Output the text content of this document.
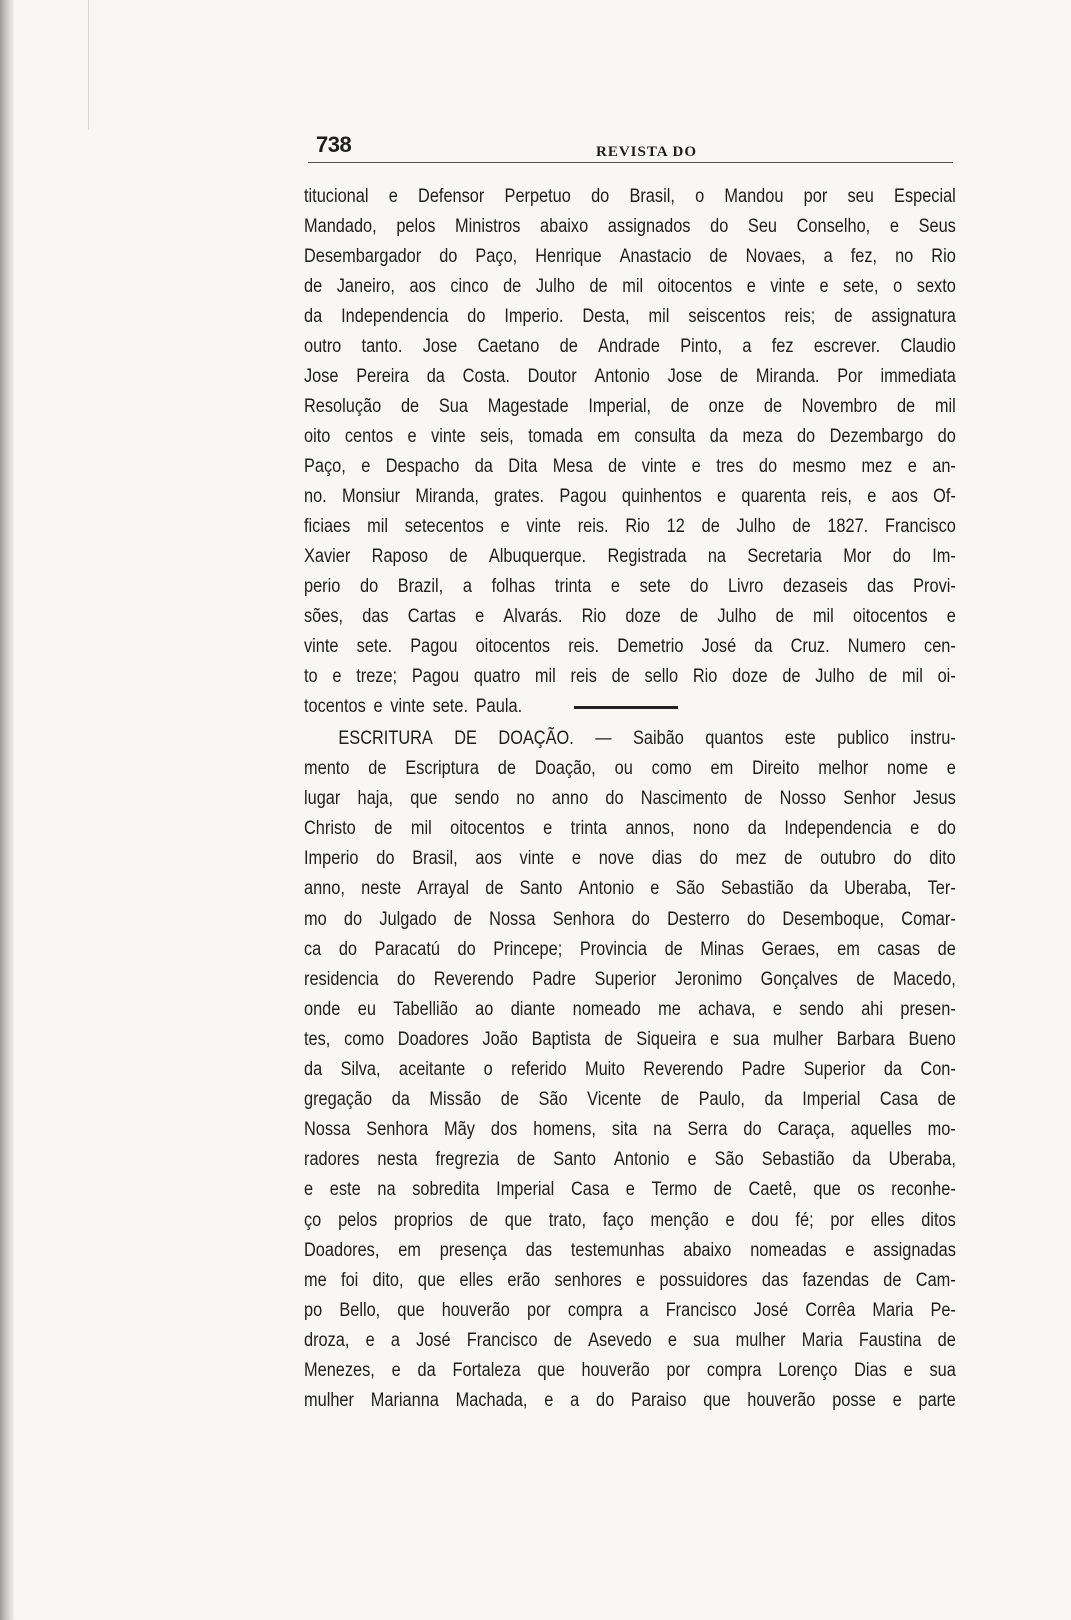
738	REVISTA DO
titucional e Defensor Perpetuo do Brasil, o Mandou por seu Especial
Mandado, pelos Ministros abaixo assignados do Seu Conselho, e Seus
Desembargador do Paço, Henrique Anastacio de Novaes, a fez, no Rio
de Janeiro, aos cinco de Julho de mil oitocentos e vinte e sete, o sexto
da Independencia do Imperio. Desta, mil seiscentos reis; de assignatura
outro tanto. Jose Caetano de Andrade Pinto, a fez escrever. Claudio
Jose Pereira da Costa. Doutor Antonio Jose de Miranda. Por immediata
Resolução de Sua Magestade Imperial, de onze de Novembro de mil
oito centos e vinte seis, tomada em consulta da meza do Dezembargo do
Paço, e Despacho da Dita Mesa de vinte e tres do mesmo mez e an-
no. Monsiur Miranda, grates. Pagou quinhentos e quarenta reis, e aos Of-
ficiaes mil setecentos e vinte reis. Rio 12 de Julho de 1827. Francisco
Xavier Raposo de Albuquerque. Registrada na Secretaria Mor do Im-
perio do Brazil, a folhas trinta e sete do Livro dezaseis das Provi-
sões, das Cartas e Alvarás. Rio doze de Julho de mil oitocentos e
vinte sete. Pagou oitocentos reis. Demetrio José da Cruz. Numero cen-
to e treze; Pagou quatro mil reis de sello Rio doze de Julho de mil oi-
tocentos e vinte sete. Paula.
ESCRITURA DE DOAÇÃO. — Saibão quantos este publico instru-
mento de Escriptura de Doação, ou como em Direito melhor nome e
lugar haja, que sendo no anno do Nascimento de Nosso Senhor Jesus
Christo de mil oitocentos e trinta annos, nono da Independencia e do
Imperio do Brasil, aos vinte e nove dias do mez de outubro do dito
anno, neste Arrayal de Santo Antonio e São Sebastião da Uberaba, Ter-
mo do Julgado de Nossa Senhora do Desterro do Desemboque, Comar-
ca do Paracatú do Princepe; Provincia de Minas Geraes, em casas de
residencia do Reverendo Padre Superior Jeronimo Gonçalves de Macedo,
onde eu Tabellião ao diante nomeado me achava, e sendo ahi presen-
tes, como Doadores João Baptista de Siqueira e sua mulher Barbara Bueno
da Silva, aceitante o referido Muito Reverendo Padre Superior da Con-
gregação da Missão de São Vicente de Paulo, da Imperial Casa de
Nossa Senhora Mãy dos homens, sita na Serra do Caraça, aquelles mo-
radores nesta fregrezia de Santo Antonio e São Sebastião da Uberaba,
e este na sobredita Imperial Casa e Termo de Caetê, que os reconhe-
ço pelos proprios de que trato, faço menção e dou fé; por elles ditos
Doadores, em presença das testemunhas abaixo nomeadas e assignadas
me foi dito, que elles erão senhores e possuidores das fazendas de Cam-
po Bello, que houverão por compra a Francisco José Corrêa Maria Pe-
droza, e a José Francisco de Asevedo e sua mulher Maria Faustina de
Menezes, e da Fortaleza que houverão por compra Lorenço Dias e sua
mulher Marianna Machada, e a do Paraiso que houverão posse e parte
